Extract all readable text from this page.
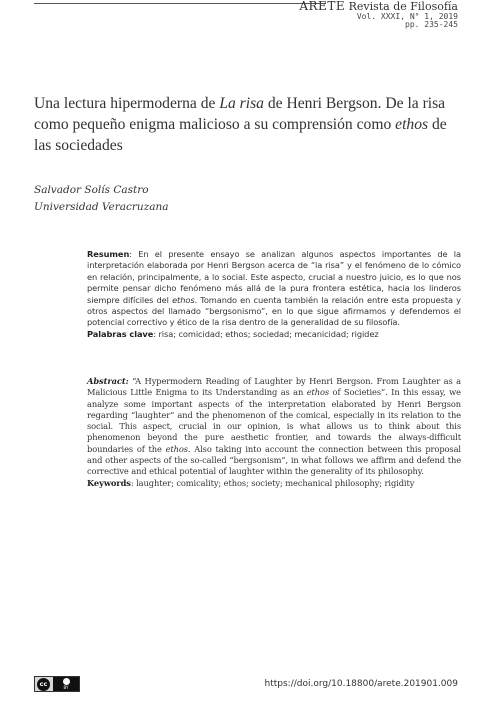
ARETE Revista de Filosofía
Vol. XXXI, N° 1, 2019
pp. 235-245
Una lectura hipermoderna de La risa de Henri Bergson. De la risa como pequeño enigma malicioso a su comprensión como ethos de las sociedades
Salvador Solís Castro
Universidad Veracruzana
Resumen: En el presente ensayo se analizan algunos aspectos importantes de la interpretación elaborada por Henri Bergson acerca de “la risa” y el fenómeno de lo cómico en relación, principalmente, a lo social. Este aspecto, crucial a nuestro juicio, es lo que nos permite pensar dicho fenómeno más allá de la pura frontera estética, hacia los linderos siempre difíciles del ethos. Tomando en cuenta también la relación entre esta propuesta y otros aspectos del llamado “bergsonismo”, en lo que sigue afirmamos y defendemos el potencial correctivo y ético de la risa dentro de la generalidad de su filosofía.
Palabras clave: risa; comicidad; ethos; sociedad; mecanicidad; rigidez
Abstract: “A Hypermodern Reading of Laughter by Henri Bergson. From Laughter as a Malicious Little Enigma to its Understanding as an ethos of Societies”. In this essay, we analyze some important aspects of the interpretation elaborated by Henri Bergson regarding “laughter” and the phenomenon of the comical, especially in its relation to the social. This aspect, crucial in our opinion, is what allows us to think about this phenomenon beyond the pure aesthetic frontier, and towards the always-difficult boundaries of the ethos. Also taking into account the connection between this proposal and other aspects of the so-called “bergsonism”, in what follows we affirm and defend the corrective and ethical potential of laughter within the generality of its philosophy.
Keywords: laughter; comicality; ethos; society; mechanical philosophy; rigidity
cc	BY	https://doi.org/10.18800/arete.201901.009
